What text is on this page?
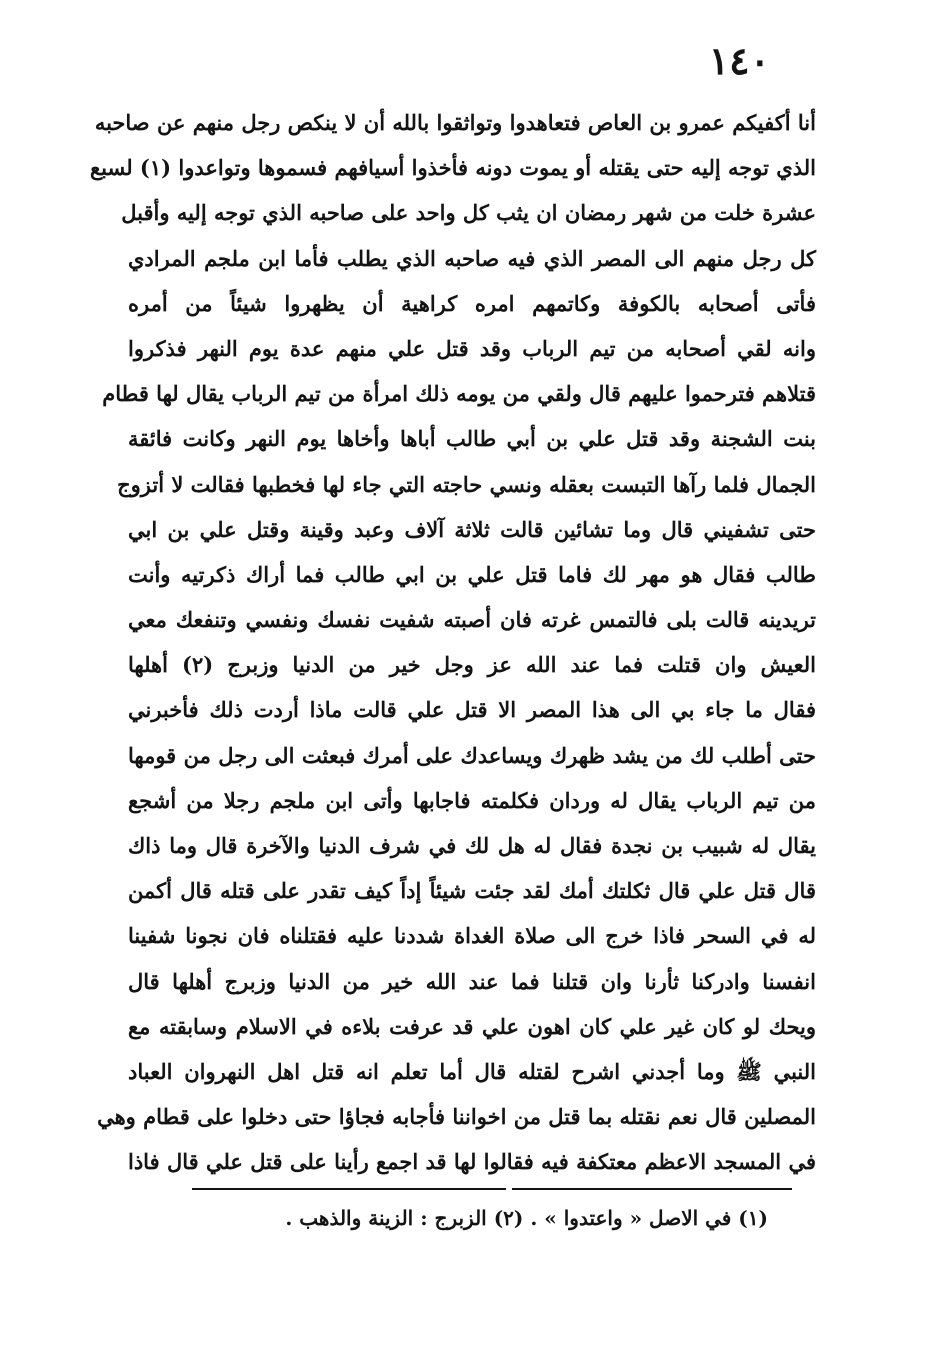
١٤٠
أنا أكفيكم عمرو بن العاص فتعاهدوا وتواثقوا بالله أن لا ينكص رجل منهم عن صاحبه
الذي توجه إليه حتى يقتله أو يموت دونه فأخذوا أسيافهم فسموها وتواعدوا (١) لسبع
عشرة خلت من شهر رمضان ان يثب كل واحد على صاحبه الذي توجه إليه وأقبل
كل رجل منهم الى المصر الذي فيه صاحبه الذي يطلب فأما ابن ملجم المرادي
فأتى أصحابه بالكوفة وكاتمهم امره كراهية أن يظهروا شيئاً من أمره
وانه لقي أصحابه من تيم الرباب وقد قتل علي منهم عدة يوم النهر فذكروا
قتلاهم فترحموا عليهم قال ولقي من يومه ذلك امرأة من تيم الرباب يقال لها قطام
بنت الشجنة وقد قتل علي بن أبي طالب أباها وأخاها يوم النهر وكانت فائقة
الجمال فلما رآها التبست بعقله ونسي حاجته التي جاء لها فخطبها فقالت لا أتزوج
حتى تشفيني قال وما تشائين قالت ثلاثة آلاف وعبد وقينة وقتل علي بن ابي
طالب فقال هو مهر لك فاما قتل علي بن ابي طالب فما أراك ذكرتيه وأنت
تريدينه قالت بلى فالتمس غرته فان أصبته شفيت نفسك ونفسي وتنفعك معي
العيش وان قتلت فما عند الله عز وجل خير من الدنيا وزبرج (٢) أهلها
فقال ما جاء بي الى هذا المصر الا قتل علي قالت ماذا أردت ذلك فأخبرني
حتى أطلب لك من يشد ظهرك ويساعدك على أمرك فبعثت الى رجل من قومها
من تيم الرباب يقال له وردان فكلمته فاجابها وأتى ابن ملجم رجلا من أشجع
يقال له شبيب بن نجدة فقال له هل لك في شرف الدنيا والآخرة قال وما ذاك
قال قتل علي قال ثكلتك أمك لقد جئت شيئاً إداً كيف تقدر على قتله قال أكمن
له في السحر فاذا خرج الى صلاة الغداة شددنا عليه فقتلناه فان نجونا شفينا
انفسنا وادركنا ثأرنا وان قتلنا فما عند الله خير من الدنيا وزبرج أهلها قال
ويحك لو كان غير علي كان اهون علي قد عرفت بلاءه في الاسلام وسابقته مع
النبي ﷺ وما أجدني اشرح لقتله قال أما تعلم انه قتل اهل النهروان العباد
المصلين قال نعم نقتله بما قتل من اخواننا فأجابه فجاؤا حتى دخلوا على قطام وهي
في المسجد الاعظم معتكفة فيه فقالوا لها قد اجمع رأينا على قتل علي قال فاذا
(١) في الاصل « واعتدوا » . (٢) الزبرج : الزينة والذهب .
